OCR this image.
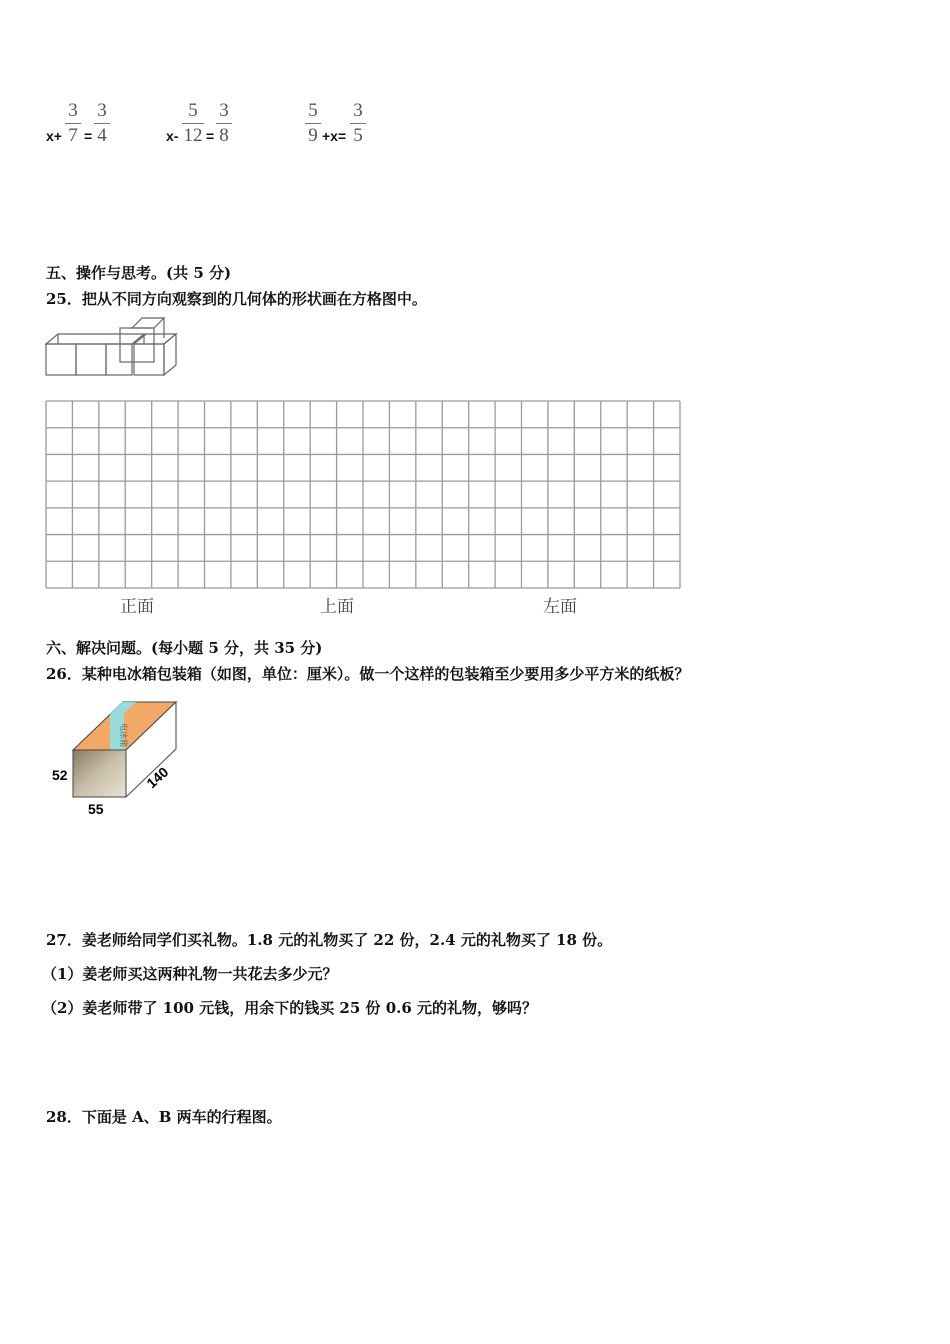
x+
3
7 =
3
4	x-
5
12 =
3
8
5
9 +x=
3
5
五、操作与思考。(共 5 分)
25．把从不同方向观察到的几何体的形状画在方格图中。
正面	上面	左面
六、解决问题。(每小题 5 分，共 35 分)
26．某种电冰箱包装箱（如图，单位：厘米）。做一个这样的包装箱至少要用多少平方米的纸板？
电冰箱
52
55
140
27．姜老师给同学们买礼物。1.8 元的礼物买了 22 份，2.4 元的礼物买了 18 份。
（1）姜老师买这两种礼物一共花去多少元？
（2）姜老师带了 100 元钱，用余下的钱买 25 份 0.6 元的礼物，够吗？
28．下面是 A、B 两车的行程图。
